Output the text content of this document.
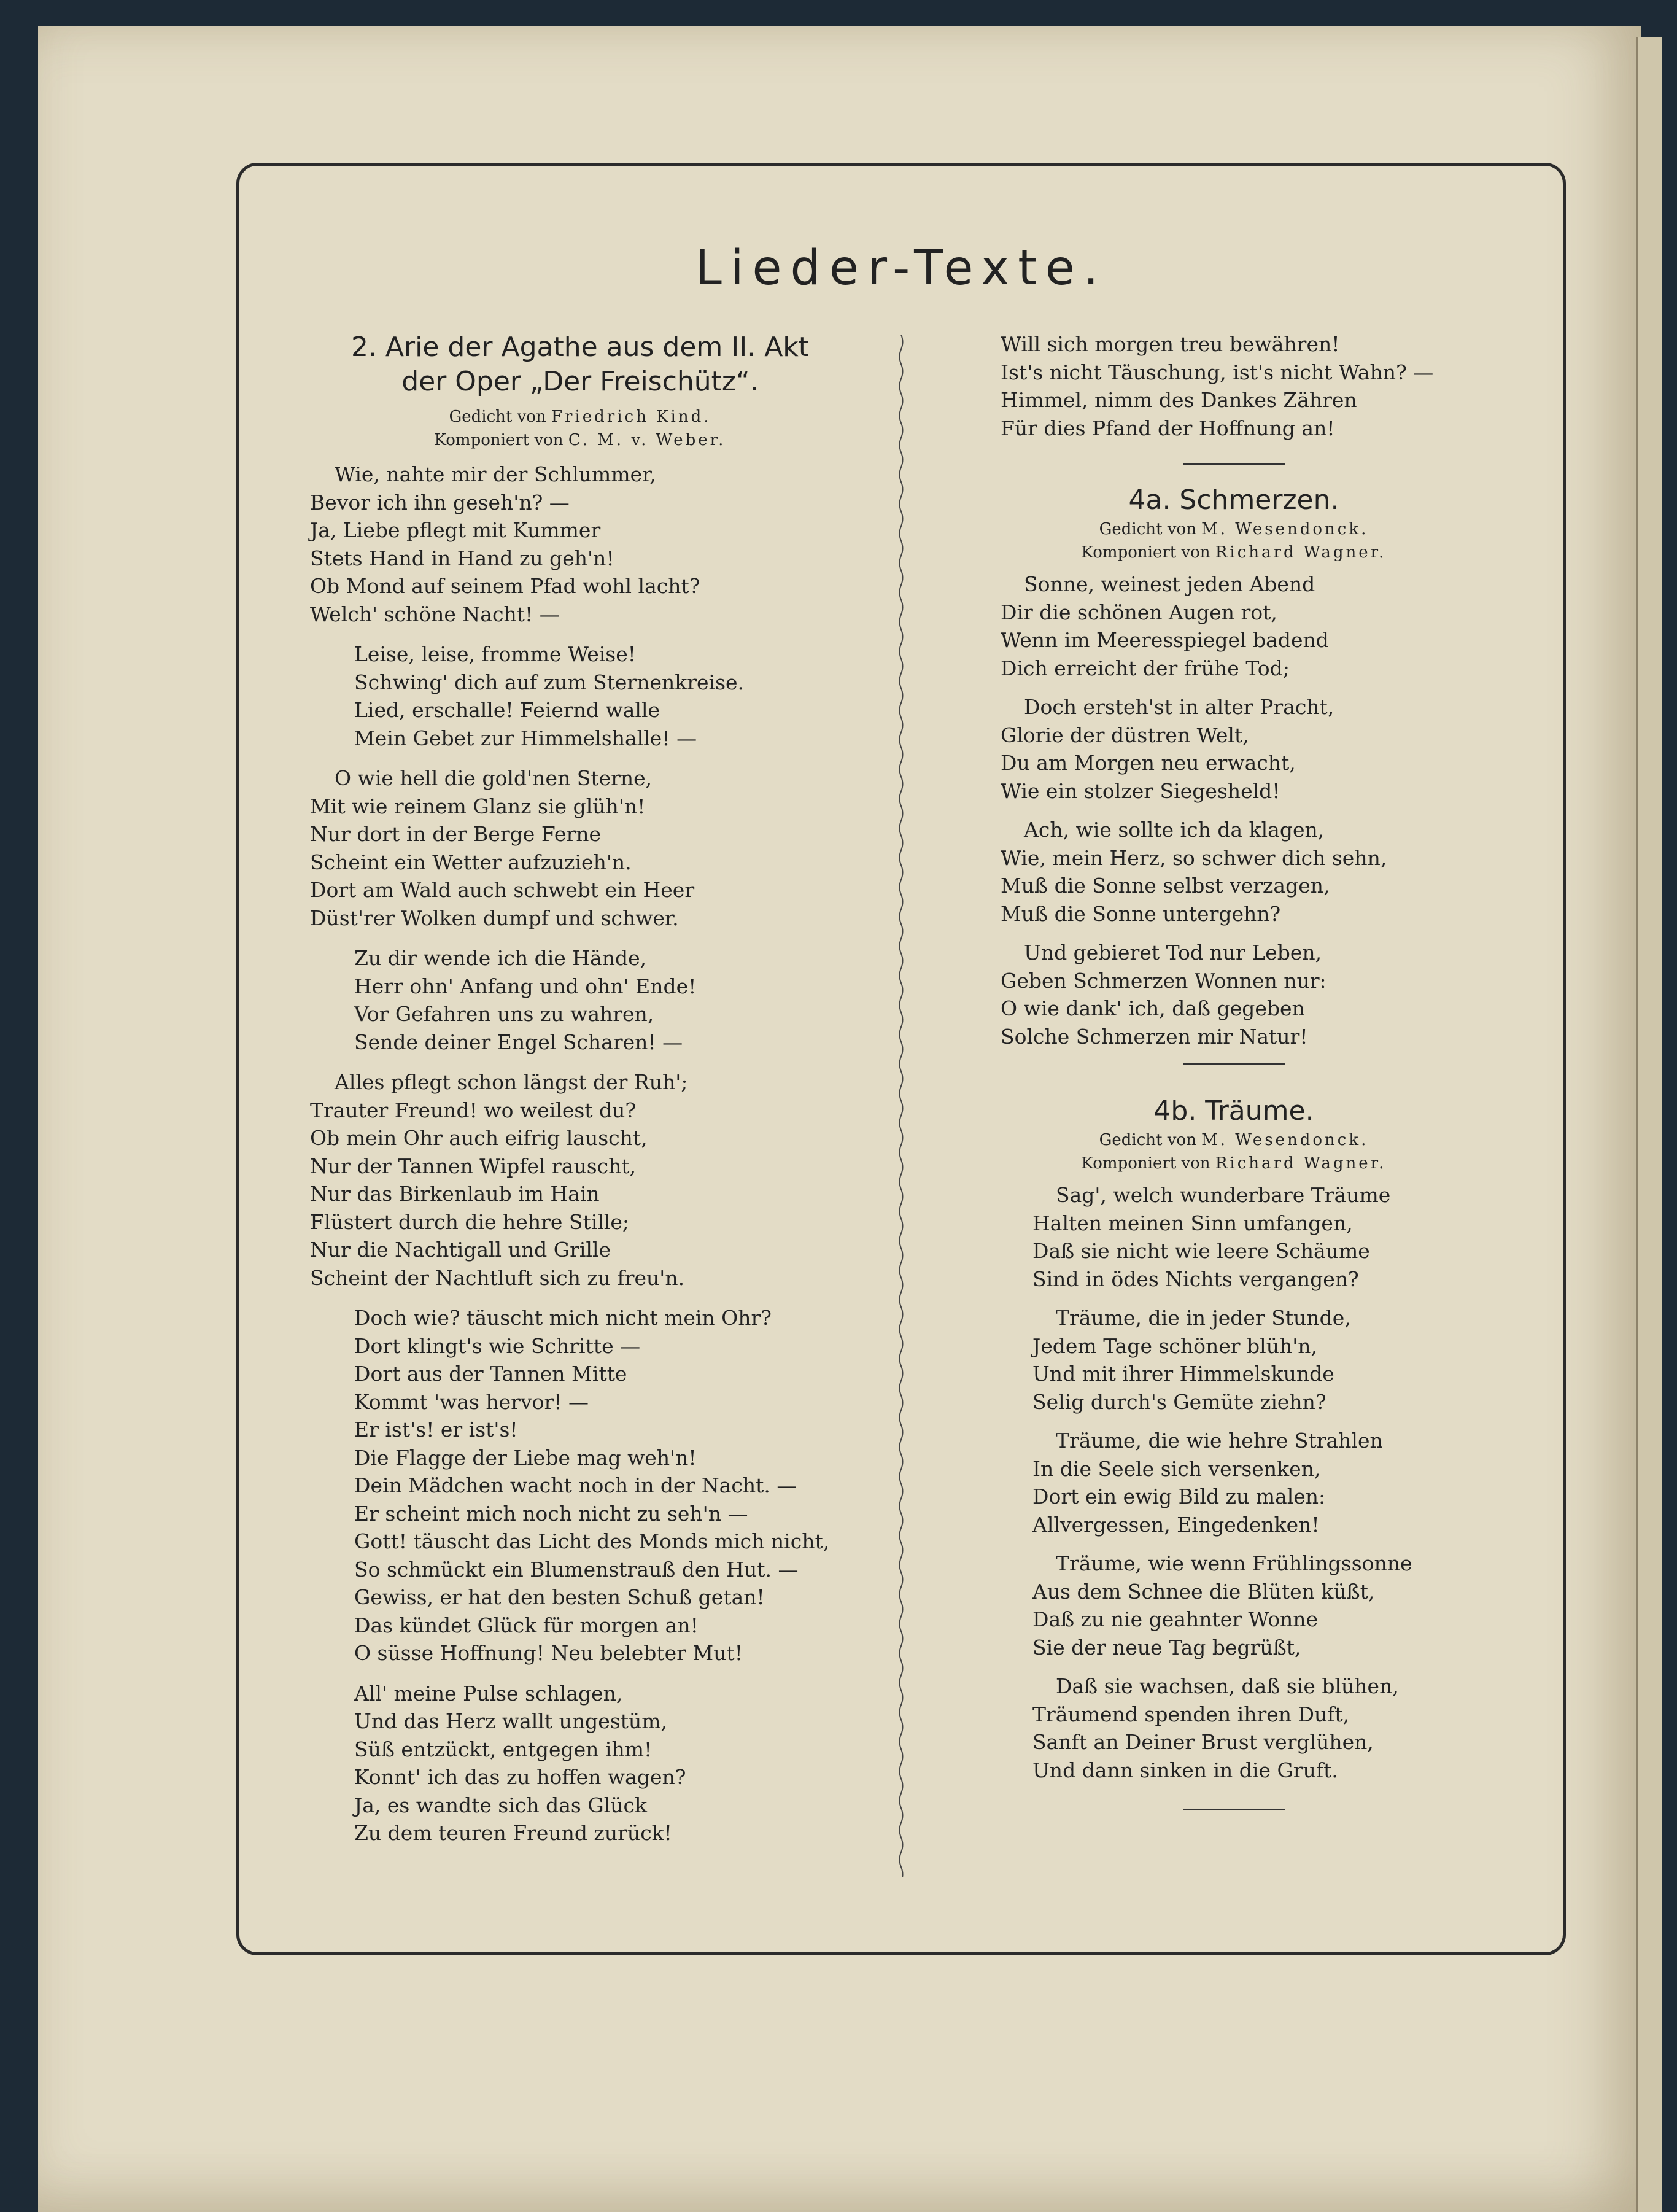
Lieder-Texte.
2. Arie der Agathe aus dem II. Akt
der Oper „Der Freischütz“.
Gedicht von Friedrich Kind.
Komponiert von C. M. v. Weber.
Wie, nahte mir der Schlummer,
Bevor ich ihn geseh'n? —
Ja, Liebe pflegt mit Kummer
Stets Hand in Hand zu geh'n!
Ob Mond auf seinem Pfad wohl lacht?
Welch' schöne Nacht! —
Leise, leise, fromme Weise!
Schwing' dich auf zum Sternenkreise.
Lied, erschalle! Feiernd walle
Mein Gebet zur Himmelshalle! —
O wie hell die gold'nen Sterne,
Mit wie reinem Glanz sie glüh'n!
Nur dort in der Berge Ferne
Scheint ein Wetter aufzuzieh'n.
Dort am Wald auch schwebt ein Heer
Düst'rer Wolken dumpf und schwer.
Zu dir wende ich die Hände,
Herr ohn' Anfang und ohn' Ende!
Vor Gefahren uns zu wahren,
Sende deiner Engel Scharen! —
Alles pflegt schon längst der Ruh';
Trauter Freund! wo weilest du?
Ob mein Ohr auch eifrig lauscht,
Nur der Tannen Wipfel rauscht,
Nur das Birkenlaub im Hain
Flüstert durch die hehre Stille;
Nur die Nachtigall und Grille
Scheint der Nachtluft sich zu freu'n.
Doch wie? täuscht mich nicht mein Ohr?
Dort klingt's wie Schritte —
Dort aus der Tannen Mitte
Kommt 'was hervor! —
Er ist's! er ist's!
Die Flagge der Liebe mag weh'n!
Dein Mädchen wacht noch in der Nacht. —
Er scheint mich noch nicht zu seh'n —
Gott! täuscht das Licht des Monds mich nicht,
So schmückt ein Blumenstrauß den Hut. —
Gewiss, er hat den besten Schuß getan!
Das kündet Glück für morgen an!
O süsse Hoffnung! Neu belebter Mut!
All' meine Pulse schlagen,
Und das Herz wallt ungestüm,
Süß entzückt, entgegen ihm!
Konnt' ich das zu hoffen wagen?
Ja, es wandte sich das Glück
Zu dem teuren Freund zurück!
Will sich morgen treu bewähren!
Ist's nicht Täuschung, ist's nicht Wahn? —
Himmel, nimm des Dankes Zähren
Für dies Pfand der Hoffnung an!
4a. Schmerzen.
Gedicht von M. Wesendonck.
Komponiert von Richard Wagner.
Sonne, weinest jeden Abend
Dir die schönen Augen rot,
Wenn im Meeresspiegel badend
Dich erreicht der frühe Tod;
Doch ersteh'st in alter Pracht,
Glorie der düstren Welt,
Du am Morgen neu erwacht,
Wie ein stolzer Siegesheld!
Ach, wie sollte ich da klagen,
Wie, mein Herz, so schwer dich sehn,
Muß die Sonne selbst verzagen,
Muß die Sonne untergehn?
Und gebieret Tod nur Leben,
Geben Schmerzen Wonnen nur:
O wie dank' ich, daß gegeben
Solche Schmerzen mir Natur!
4b. Träume.
Gedicht von M. Wesendonck.
Komponiert von Richard Wagner.
Sag', welch wunderbare Träume
Halten meinen Sinn umfangen,
Daß sie nicht wie leere Schäume
Sind in ödes Nichts vergangen?
Träume, die in jeder Stunde,
Jedem Tage schöner blüh'n,
Und mit ihrer Himmelskunde
Selig durch's Gemüte ziehn?
Träume, die wie hehre Strahlen
In die Seele sich versenken,
Dort ein ewig Bild zu malen:
Allvergessen, Eingedenken!
Träume, wie wenn Frühlingssonne
Aus dem Schnee die Blüten küßt,
Daß zu nie geahnter Wonne
Sie der neue Tag begrüßt,
Daß sie wachsen, daß sie blühen,
Träumend spenden ihren Duft,
Sanft an Deiner Brust verglühen,
Und dann sinken in die Gruft.
